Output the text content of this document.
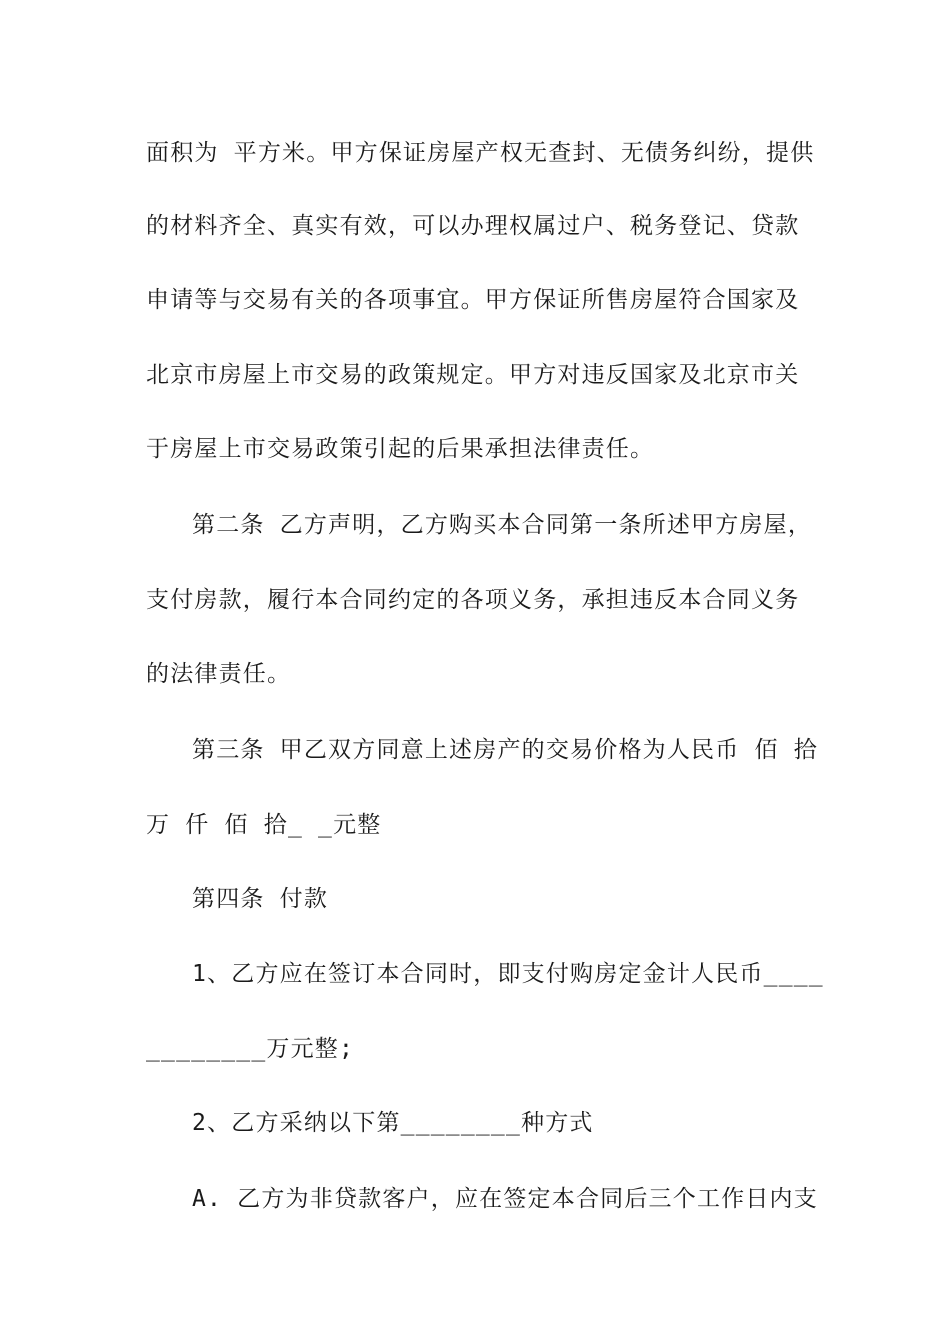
面积为 平方米。甲方保证房屋产权无查封、无债务纠纷，提供
的材料齐全、真实有效，可以办理权属过户、税务登记、贷款
申请等与交易有关的各项事宜。甲方保证所售房屋符合国家及
北京市房屋上市交易的政策规定。甲方对违反国家及北京市关
于房屋上市交易政策引起的后果承担法律责任。
第二条 乙方声明，乙方购买本合同第一条所述甲方房屋，
支付房款，履行本合同约定的各项义务，承担违反本合同义务
的法律责任。
第三条 甲乙双方同意上述房产的交易价格为人民币 佰 拾
万 仟 佰 拾_ _元整
第四条 付款
1、乙方应在签订本合同时，即支付购房定金计人民币____
________万元整;
2、乙方采纳以下第________种方式
A. 乙方为非贷款客户，应在签定本合同后三个工作日内支
